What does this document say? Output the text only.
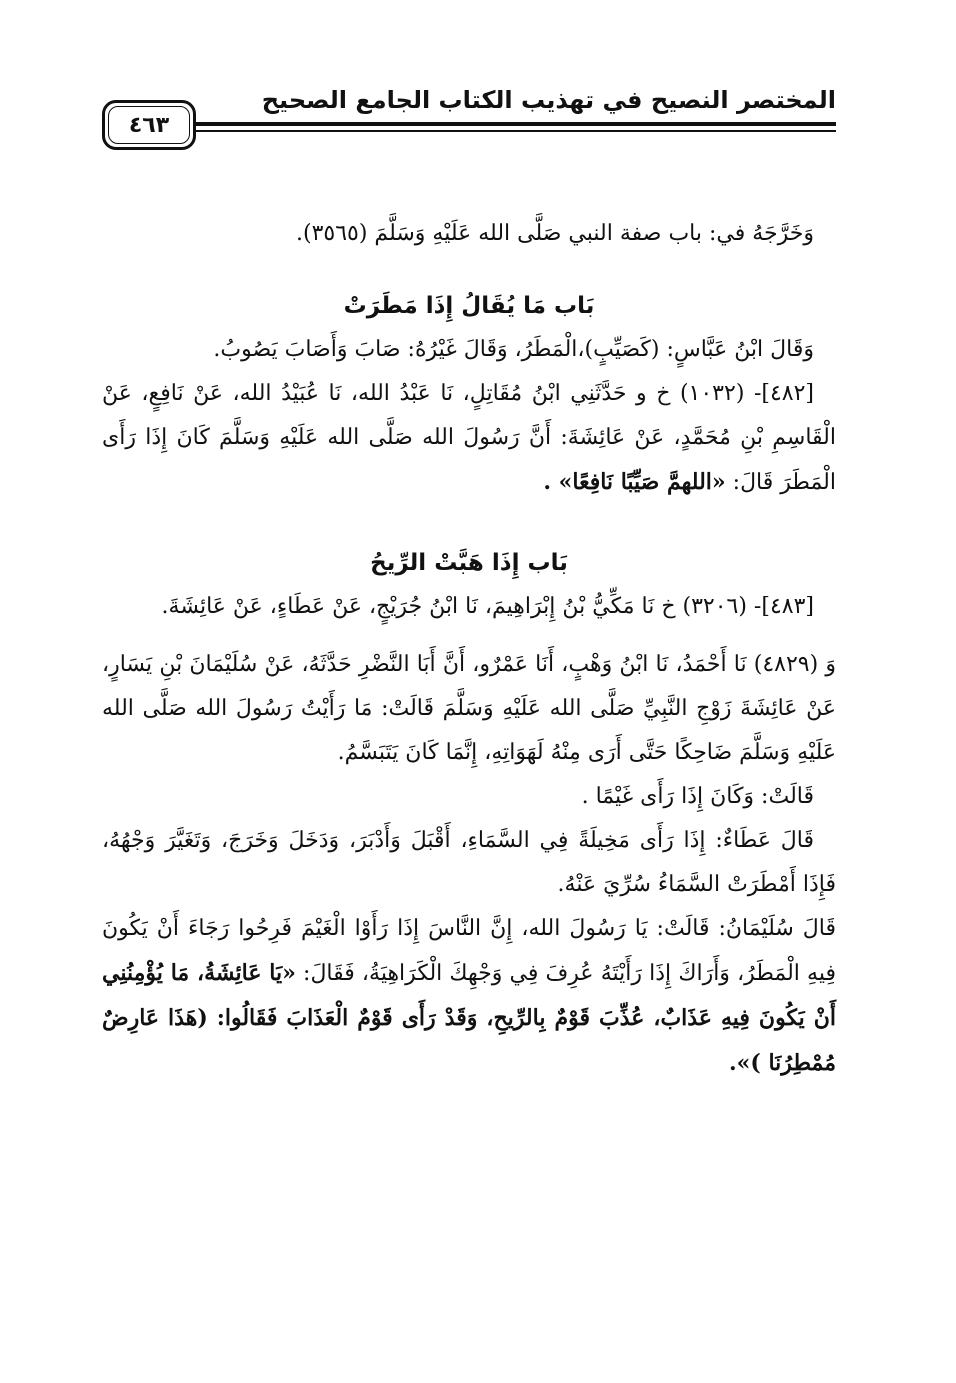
المختصر النصيح في تهذيب الكتاب الجامع الصحيح
٤٦٣

وَخَرَّجَهُ في: باب صفة النبي صَلَّى الله عَلَيْهِ وَسَلَّمَ (٣٥٦٥).

بَاب مَا يُقَالُ إِذَا مَطَرَتْ

وَقَالَ ابْنُ عَبَّاسٍ: (كَصَيِّبٍ)،الْمَطَرُ، وَقَالَ غَيْرُهُ: صَابَ وَأَصَابَ يَصُوبُ.

[٤٨٢]- (١٠٣٢) خ و حَدَّثَنِي ابْنُ مُقَاتِلٍ، نَا عَبْدُ الله، نَا عُبَيْدُ الله، عَنْ نَافِعٍ، عَنْ الْقَاسِمِ بْنِ مُحَمَّدٍ، عَنْ عَائِشَةَ: أَنَّ رَسُولَ الله صَلَّى الله عَلَيْهِ وَسَلَّمَ كَانَ إِذَا رَأَى الْمَطَرَ قَالَ: «اللهمَّ صَيِّبًا نَافِعًا» .

بَاب إِذَا هَبَّتْ الرِّيحُ

[٤٨٣]- (٣٢٠٦) خ نَا مَكِّيُّ بْنُ إِبْرَاهِيمَ، نَا ابْنُ جُرَيْجٍ، عَنْ عَطَاءٍ، عَنْ عَائِشَةَ.

وَ (٤٨٢٩) نَا أَحْمَدُ، نَا ابْنُ وَهْبٍ، أَنَا عَمْرٌو، أَنَّ أَبَا النَّضْرِ حَدَّثَهُ، عَنْ سُلَيْمَانَ بْنِ يَسَارٍ، عَنْ عَائِشَةَ زَوْجِ النَّبِيِّ صَلَّى الله عَلَيْهِ وَسَلَّمَ قَالَتْ: مَا رَأَيْتُ رَسُولَ الله صَلَّى الله عَلَيْهِ وَسَلَّمَ ضَاحِكًا حَتَّى أَرَى مِنْهُ لَهَوَاتِهِ، إِنَّمَا كَانَ يَتَبَسَّمُ.

قَالَتْ: وَكَانَ إِذَا رَأَى غَيْمًا .

قَالَ عَطَاءٌ: إِذَا رَأَى مَخِيلَةً فِي السَّمَاءِ، أَقْبَلَ وَأَدْبَرَ، وَدَخَلَ وَخَرَجَ، وَتَغَيَّرَ وَجْهُهُ، فَإِذَا أَمْطَرَتْ السَّمَاءُ سُرِّيَ عَنْهُ.

قَالَ سُلَيْمَانُ: قَالَتْ: يَا رَسُولَ الله، إِنَّ النَّاسَ إِذَا رَأَوْا الْغَيْمَ فَرِحُوا رَجَاءَ أَنْ يَكُونَ فِيهِ الْمَطَرُ، وَأَرَاكَ إِذَا رَأَيْتَهُ عُرِفَ فِي وَجْهِكَ الْكَرَاهِيَةُ، فَقَالَ: «يَا عَائِشَةُ، مَا يُؤْمِنُنِي أَنْ يَكُونَ فِيهِ عَذَابٌ، عُذِّبَ قَوْمٌ بِالرِّيحِ، وَقَدْ رَأَى قَوْمٌ الْعَذَابَ فَقَالُوا: (هَذَا عَارِضٌ مُمْطِرُنَا )».
